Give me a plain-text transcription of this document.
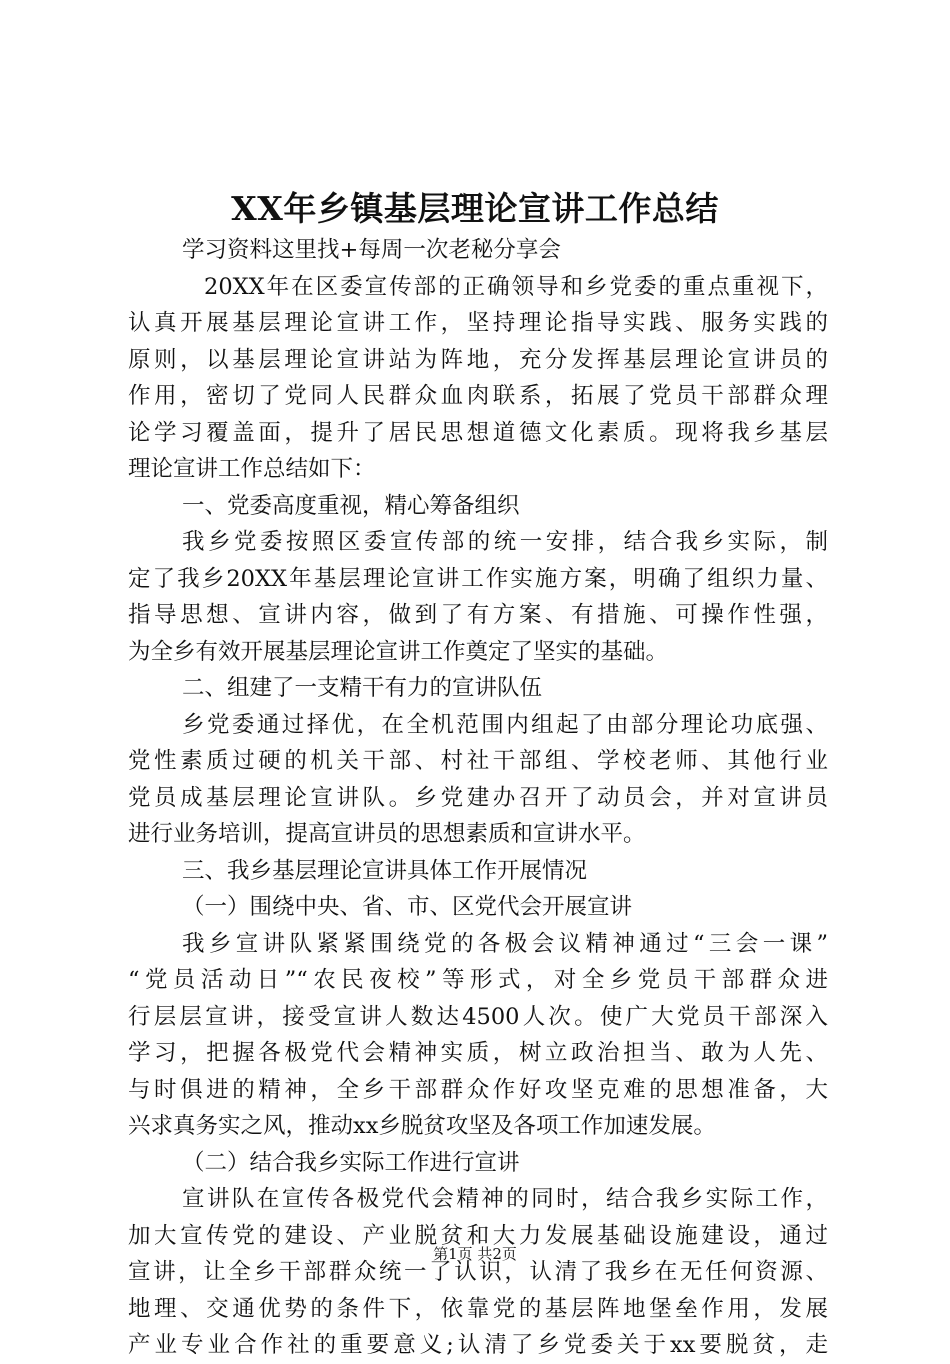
XX年乡镇基层理论宣讲工作总结
学习资料这里找+每周一次老秘分享会
20XX年在区委宣传部的正确领导和乡党委的重点重视下，
认真开展基层理论宣讲工作，坚持理论指导实践、服务实践的
原则，以基层理论宣讲站为阵地，充分发挥基层理论宣讲员的
作用，密切了党同人民群众血肉联系，拓展了党员干部群众理
论学习覆盖面，提升了居民思想道德文化素质。现将我乡基层
理论宣讲工作总结如下：
一、党委高度重视，精心筹备组织
我乡党委按照区委宣传部的统一安排，结合我乡实际，制
定了我乡20XX年基层理论宣讲工作实施方案，明确了组织力量、
指导思想、宣讲内容，做到了有方案、有措施、可操作性强，
为全乡有效开展基层理论宣讲工作奠定了坚实的基础。
二、组建了一支精干有力的宣讲队伍
乡党委通过择优，在全机范围内组起了由部分理论功底强、
党性素质过硬的机关干部、村社干部组、学校老师、其他行业
党员成基层理论宣讲队。乡党建办召开了动员会，并对宣讲员
进行业务培训，提高宣讲员的思想素质和宣讲水平。
三、我乡基层理论宣讲具体工作开展情况
（一）围绕中央、省、市、区党代会开展宣讲
我乡宣讲队紧紧围绕党的各极会议精神通过“三会一课”
“党员活动日”“农民夜校”等形式，对全乡党员干部群众进
行层层宣讲，接受宣讲人数达4500人次。使广大党员干部深入
学习，把握各极党代会精神实质，树立政治担当、敢为人先、
与时俱进的精神，全乡干部群众作好攻坚克难的思想准备，大
兴求真务实之风，推动xx乡脱贫攻坚及各项工作加速发展。
（二）结合我乡实际工作进行宣讲
宣讲队在宣传各极党代会精神的同时，结合我乡实际工作，
加大宣传党的建设、产业脱贫和大力发展基础设施建设，通过
宣讲，让全乡干部群众统一了认识，认清了我乡在无任何资源、
地理、交通优势的条件下，依靠党的基层阵地堡垒作用，发展
产业专业合作社的重要意义;认清了乡党委关于xx要脱贫，走
第1页 共2页
